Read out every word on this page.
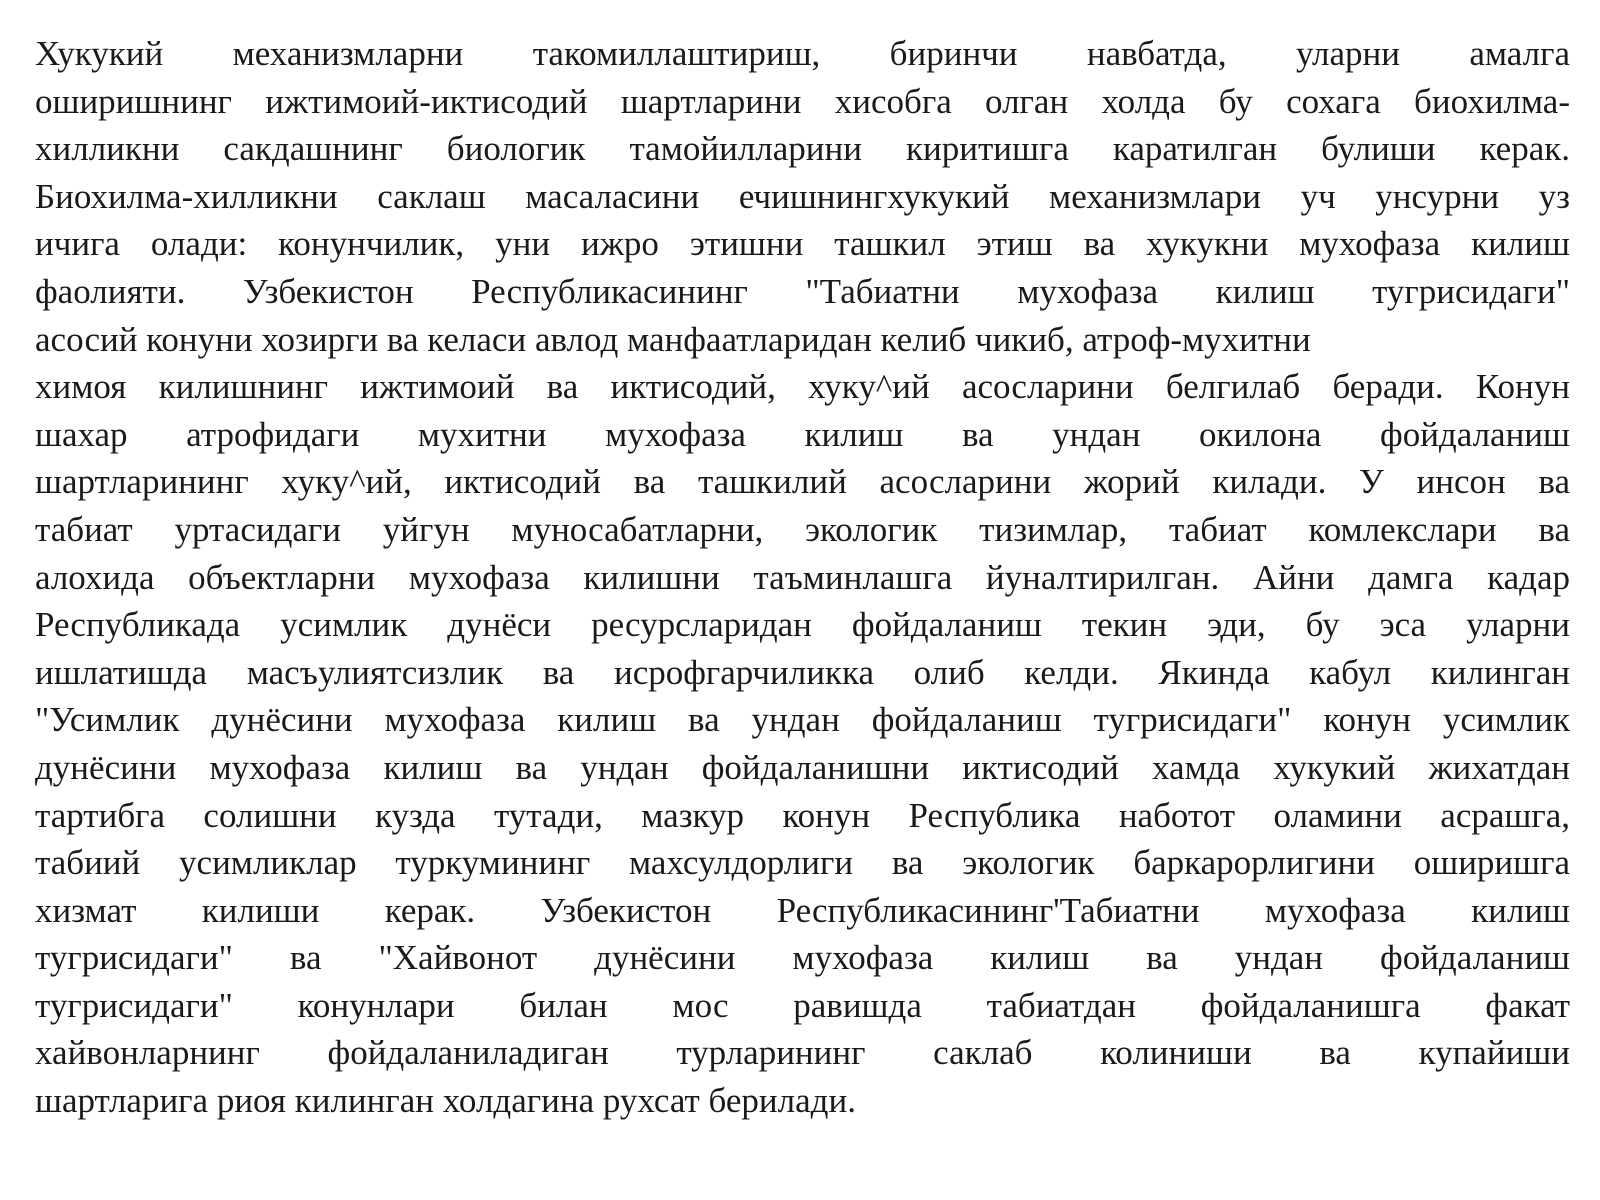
Хукукий механизмларни такомиллаштириш, биринчи навбатда, уларни амалга
оширишнинг ижтимоий-иктисодий шартларини хисобга олган холда бу сохага биохилма-
хилликни сакдашнинг биологик тамойилларини киритишга каратилган булиши керак.
Биохилма-хилликни саклаш масаласини ечишнингхукукий механизмлари уч унсурни уз
ичига олади: конунчилик, уни ижро этишни ташкил этиш ва хукукни мухофаза килиш
фаолияти. Узбекистон Республикасининг "Табиатни мухофаза килиш тугрисидаги"
асосий конуни хозирги ва келаси авлод манфаатларидан келиб чикиб, атроф-мухитни
химоя килишнинг ижтимоий ва иктисодий, хуку^ий асосларини белгилаб беради. Конун
шахар атрофидаги мухитни мухофаза килиш ва ундан окилона фойдаланиш
шартларининг хуку^ий, иктисодий ва ташкилий асосларини жорий килади. У инсон ва
табиат уртасидаги уйгун муносабатларни, экологик тизимлар, табиат комлекслари ва
алохида объектларни мухофаза килишни таъминлашга йуналтирилган. Айни дамга кадар
Республикада усимлик дунёси ресурсларидан фойдаланиш текин эди, бу эса уларни
ишлатишда масъулиятсизлик ва исрофгарчиликка олиб келди. Якинда кабул килинган
"Усимлик дунёсини мухофаза килиш ва ундан фойдаланиш тугрисидаги" конун усимлик
дунёсини мухофаза килиш ва ундан фойдаланишни иктисодий хамда хукукий жихатдан
тартибга солишни кузда тутади, мазкур конун Республика наботот оламини асрашга,
табиий усимликлар туркумининг махсулдорлиги ва экологик баркарорлигини оширишга
хизмат килиши керак. Узбекистон Республикасининг'Табиатни мухофаза килиш
тугрисидаги" ва "Хайвонот дунёсини мухофаза килиш ва ундан фойдаланиш
тугрисидаги" конунлари билан мос равишда табиатдан фойдаланишга факат
хайвонларнинг фойдаланиладиган турларининг саклаб колиниши ва купайиши
шартларига риоя килинган холдагина рухсат берилади.
